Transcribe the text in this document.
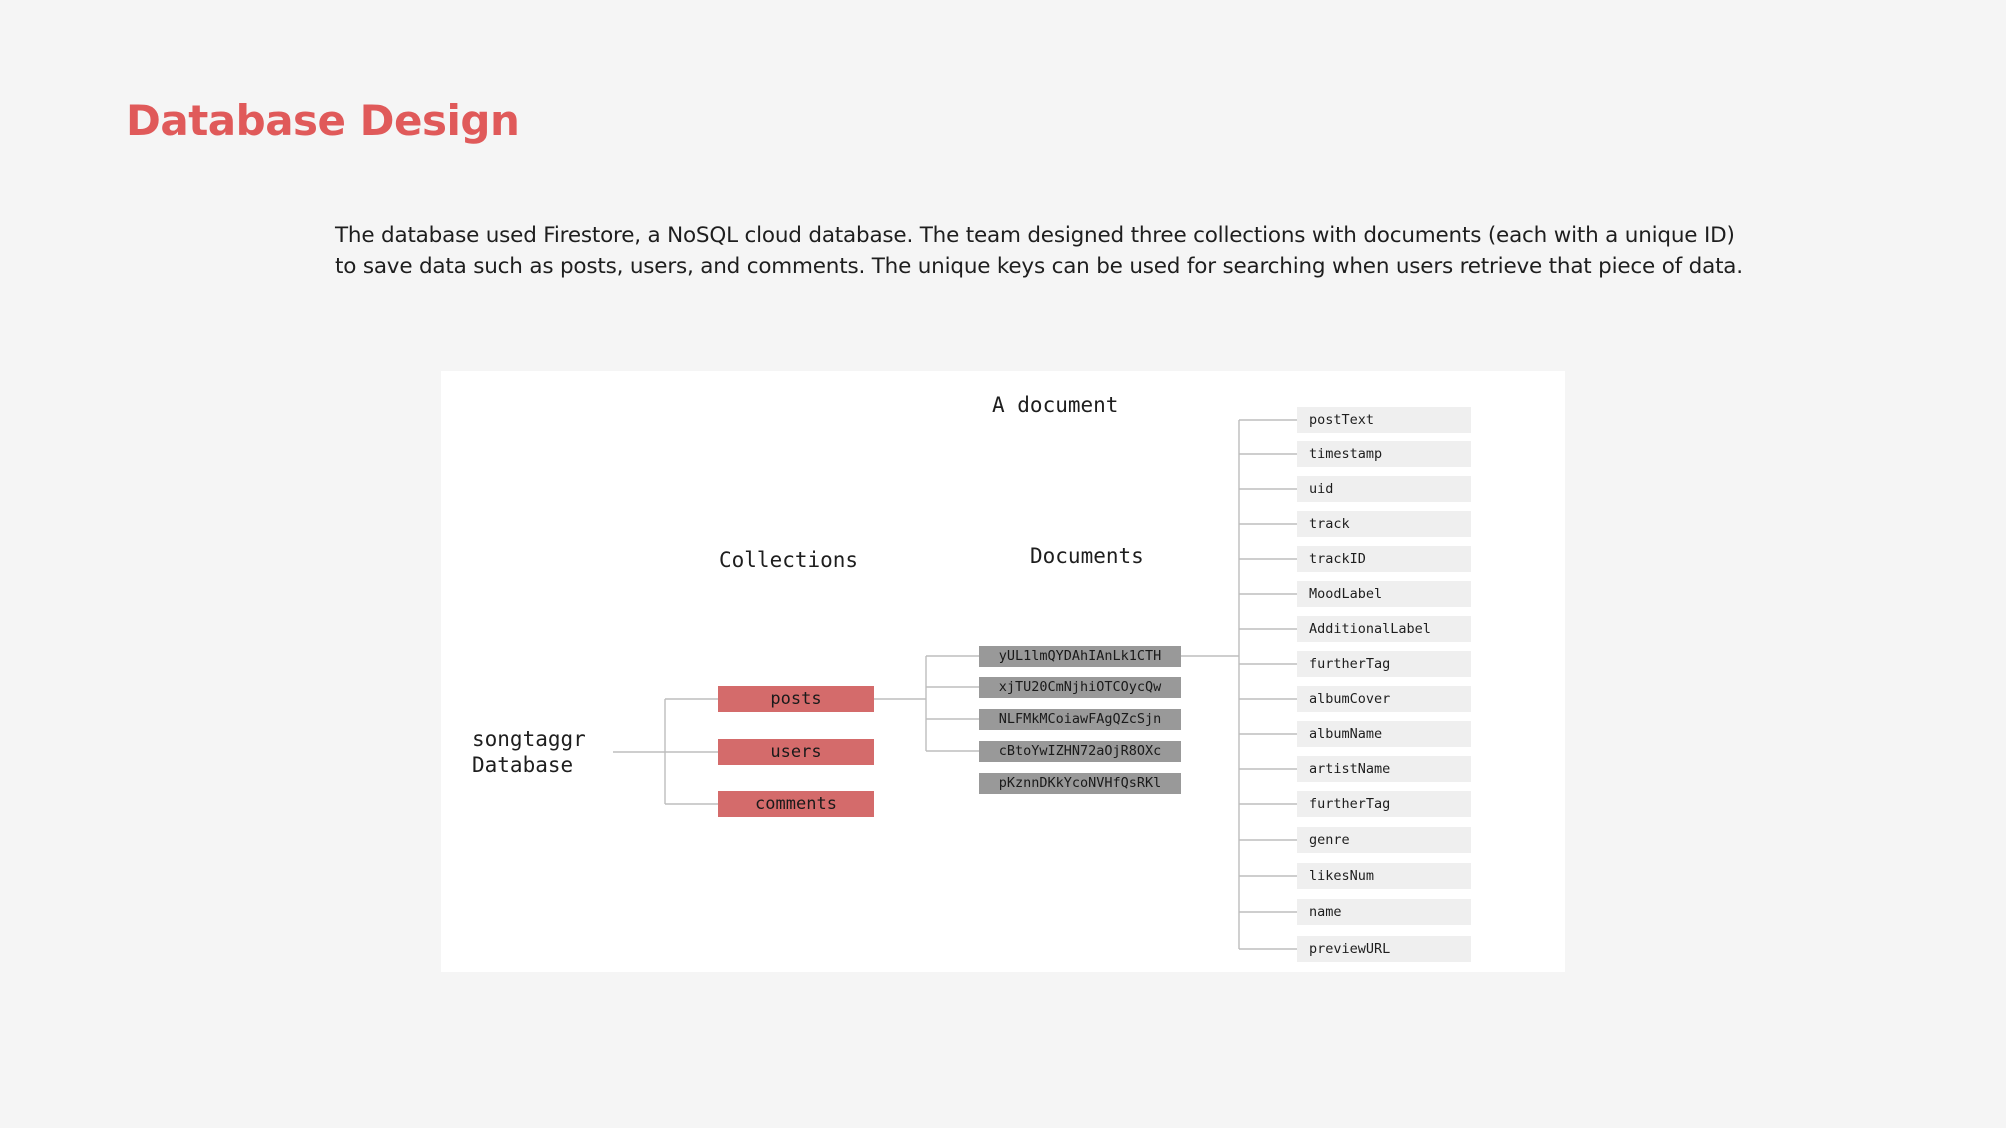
Database Design

The database used Firestore, a NoSQL cloud database. The team designed three collections with documents (each with a unique ID) to save data such as posts, users, and comments. The unique keys can be used for searching when users retrieve that piece of data.

A document
Collections	Documents
songtaggr
Database
posts
users
comments
yUL1lmQYDAhIAnLk1CTH
xjTU20CmNjhiOTCOycQw
NLFMkMCoiawFAgQZcSjn
cBtoYwIZHN72aOjR8OXc
pKznnDKkYcoNVHfQsRKl
postText
timestamp
uid
track
trackID
MoodLabel
AdditionalLabel
furtherTag
albumCover
albumName
artistName
furtherTag
genre
likesNum
name
previewURL
